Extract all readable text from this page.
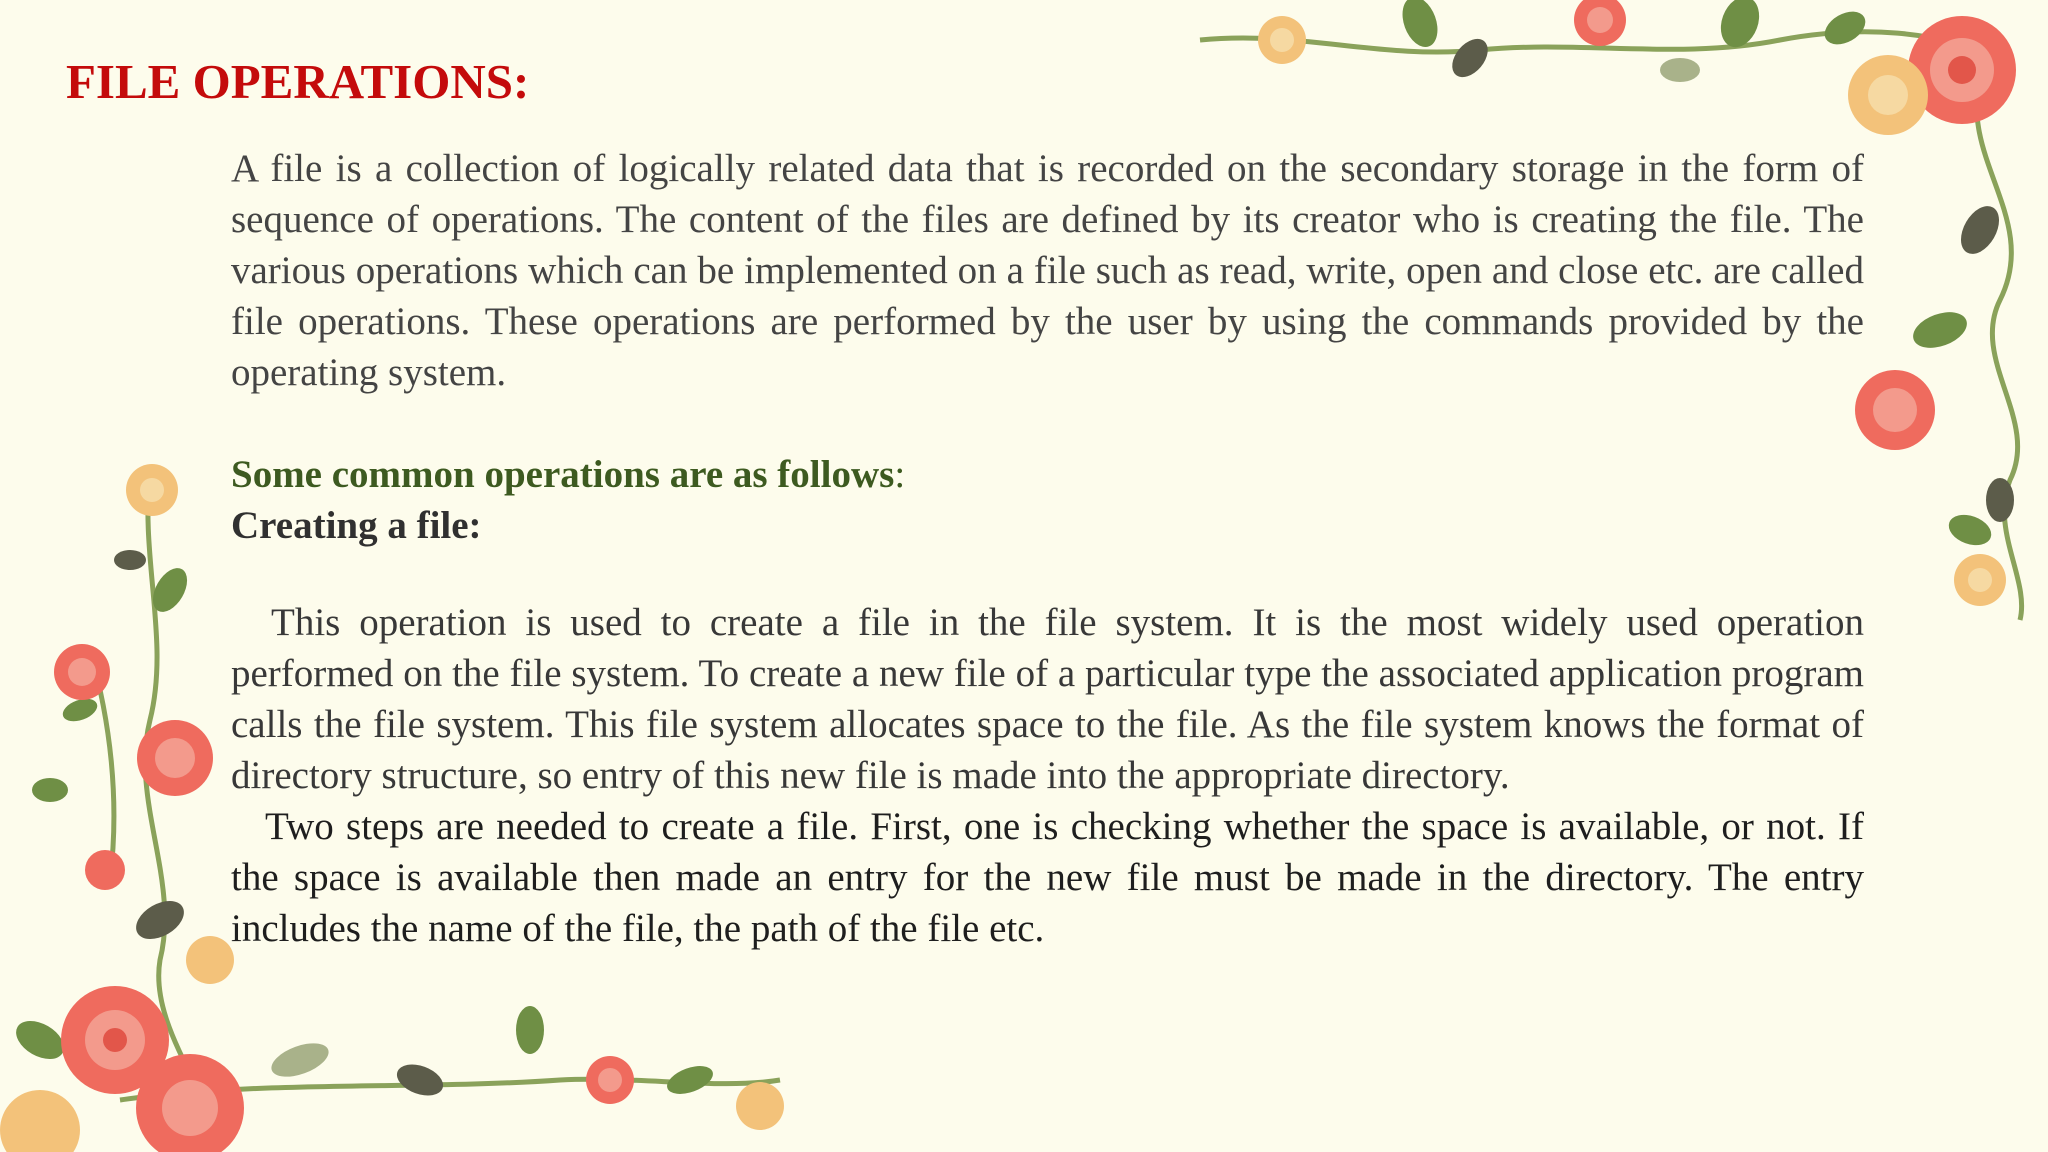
FILE OPERATIONS:

A file is a collection of logically related data that is recorded on the secondary storage in the form of sequence of operations. The content of the files are defined by its creator who is creating the file. The various operations which can be implemented on a file such as read, write, open and close etc. are called file operations. These operations are performed by the user by using the commands provided by the operating system.

Some common operations are as follows:
Creating a file:

This operation is used to create a file in the file system. It is the most widely used operation performed on the file system. To create a new file of a particular type the associated application program calls the file system. This file system allocates space to the file. As the file system knows the format of directory structure, so entry of this new file is made into the appropriate directory.

Two steps are needed to create a file. First, one is checking whether the space is available, or not. If the space is available then made an entry for the new file must be made in the directory. The entry includes the name of the file, the path of the file etc.
